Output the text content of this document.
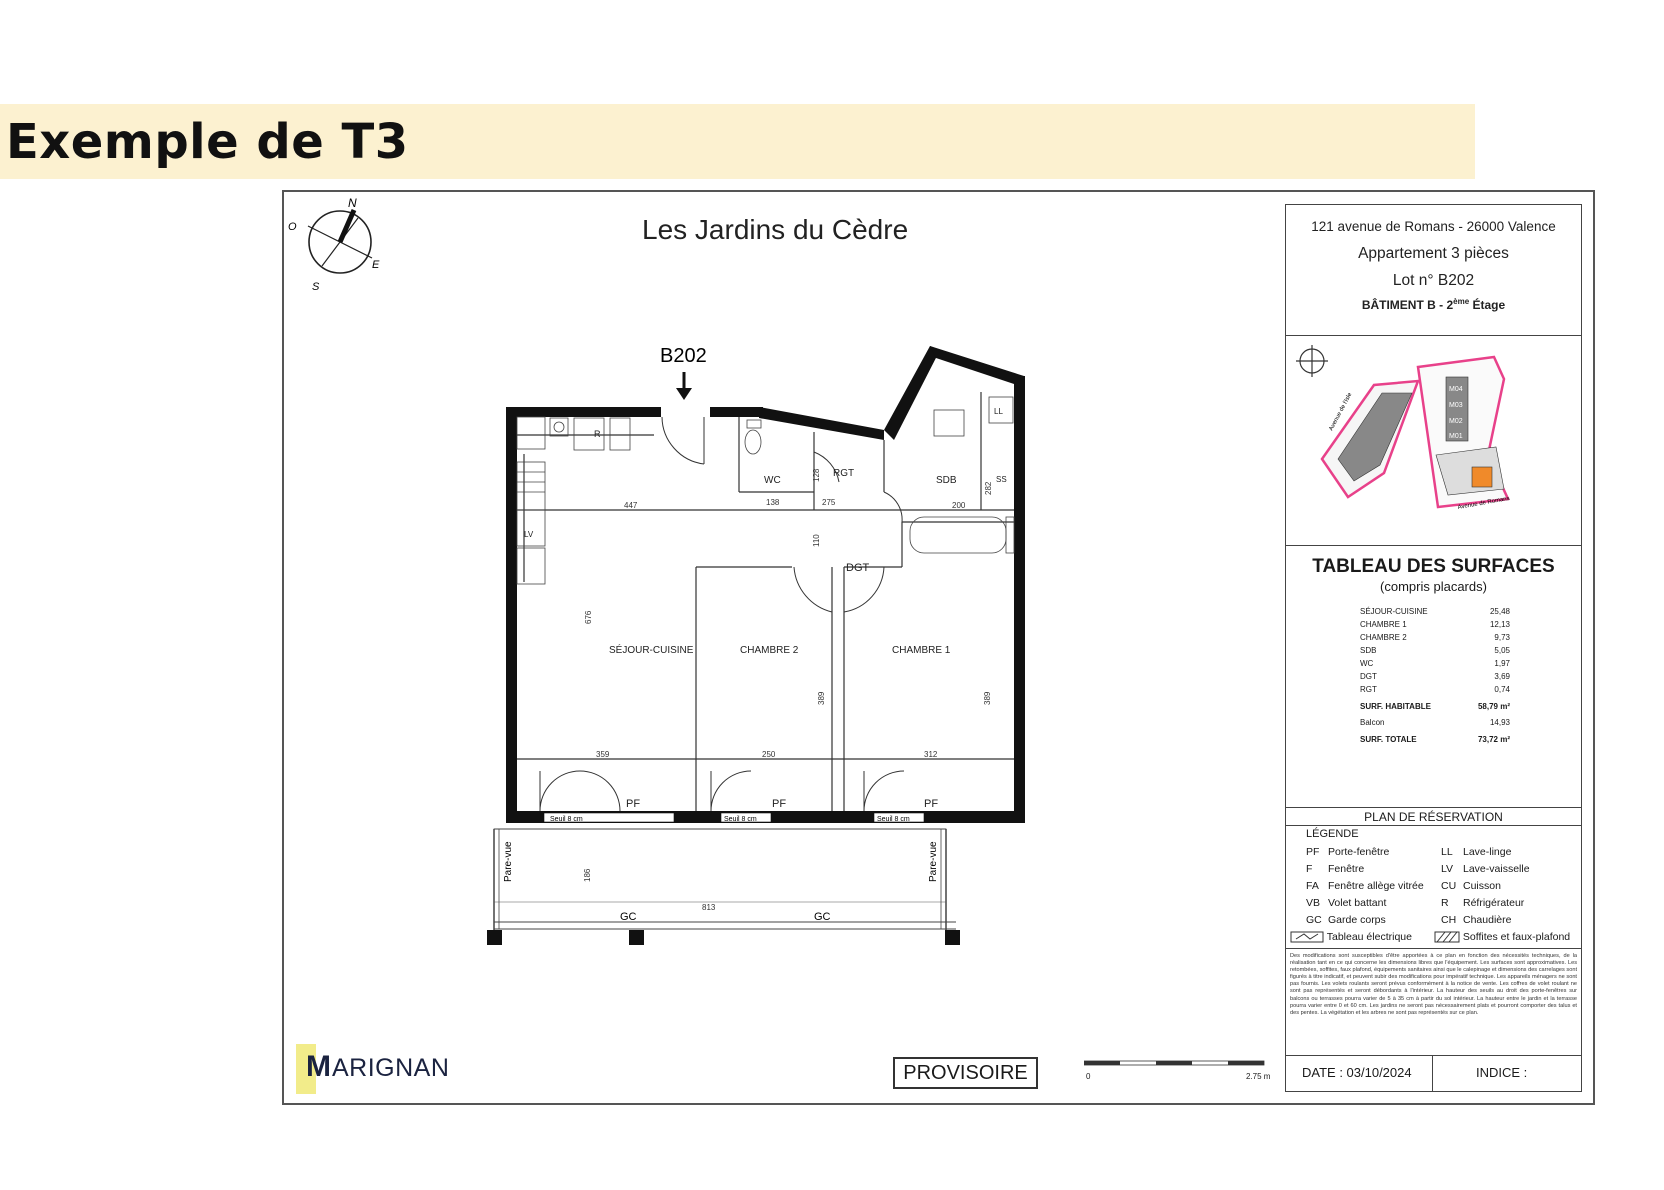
Exemple de T3
N
O
E
S
Les Jardins du Cèdre
B202
Seuil 8 cm	Seuil 8 cm	Seuil 8 cm
R
LL
SS
LV
SÉJOUR-CUISINE	CHAMBRE 2	CHAMBRE 1
WC
RGT
SDB
DGT
447	138	275	200
359	250	312
813
128
282
110
676
389	389
186
PF	PF	PF
GC	GC
Pare-vue	Pare-vue
121 avenue de Romans - 26000 Valence
Appartement 3 pièces
Lot n° B202
BÂTIMENT B - 2ème Étage
M04
M03
M02
M01
Avenue de l'Isle
Avenue de Romans
TABLEAU DES SURFACES
(compris placards)
SÉJOUR-CUISINE	25,48
CHAMBRE 1	12,13
CHAMBRE 2	9,73
SDB	5,05
WC	1,97
DGT	3,69
RGT	0,74
SURF. HABITABLE	58,79 m²
Balcon	14,93
SURF. TOTALE	73,72 m²
PLAN DE RÉSERVATION
LÉGENDE
PF Porte-fenêtre
F Fenêtre
FA Fenêtre allège vitrée
VB Volet battant
GC Garde corps
LL Lave-linge
LV Lave-vaisselle
CU Cuisson
R Réfrigérateur
CH Chaudière
Tableau électrique	Soffites et faux-plafond
Des modifications sont susceptibles d'être apportées à ce plan en fonction des nécessités techniques, de la réalisation tant en ce qui concerne les dimensions libres que l'équipement. Les surfaces sont approximatives. Les retombées, soffites, faux plafond, équipements sanitaires ainsi que le calepinage et dimensions des carrelages sont figurés à titre indicatif, et peuvent subir des modifications pour impératif technique. Les appareils ménagers ne sont pas fournis. Les volets roulants seront prévus conformément à la notice de vente. Les coffres de volet roulant ne sont pas représentés et seront débordants à l'intérieur. La hauteur des seuils au droit des porte-fenêtres sur balcons ou terrasses pourra varier de 5 à 35 cm à partir du sol intérieur. La hauteur entre le jardin et la terrasse pourra varier entre 0 et 60 cm. Les jardins ne seront pas nécessairement plats et pourront comporter des talus et des pentes. La végétation et les arbres ne sont pas représentés sur ce plan.
DATE : 03/10/2024	INDICE :
M ARIGNAN	PROVISOIRE	0	2.75 m
